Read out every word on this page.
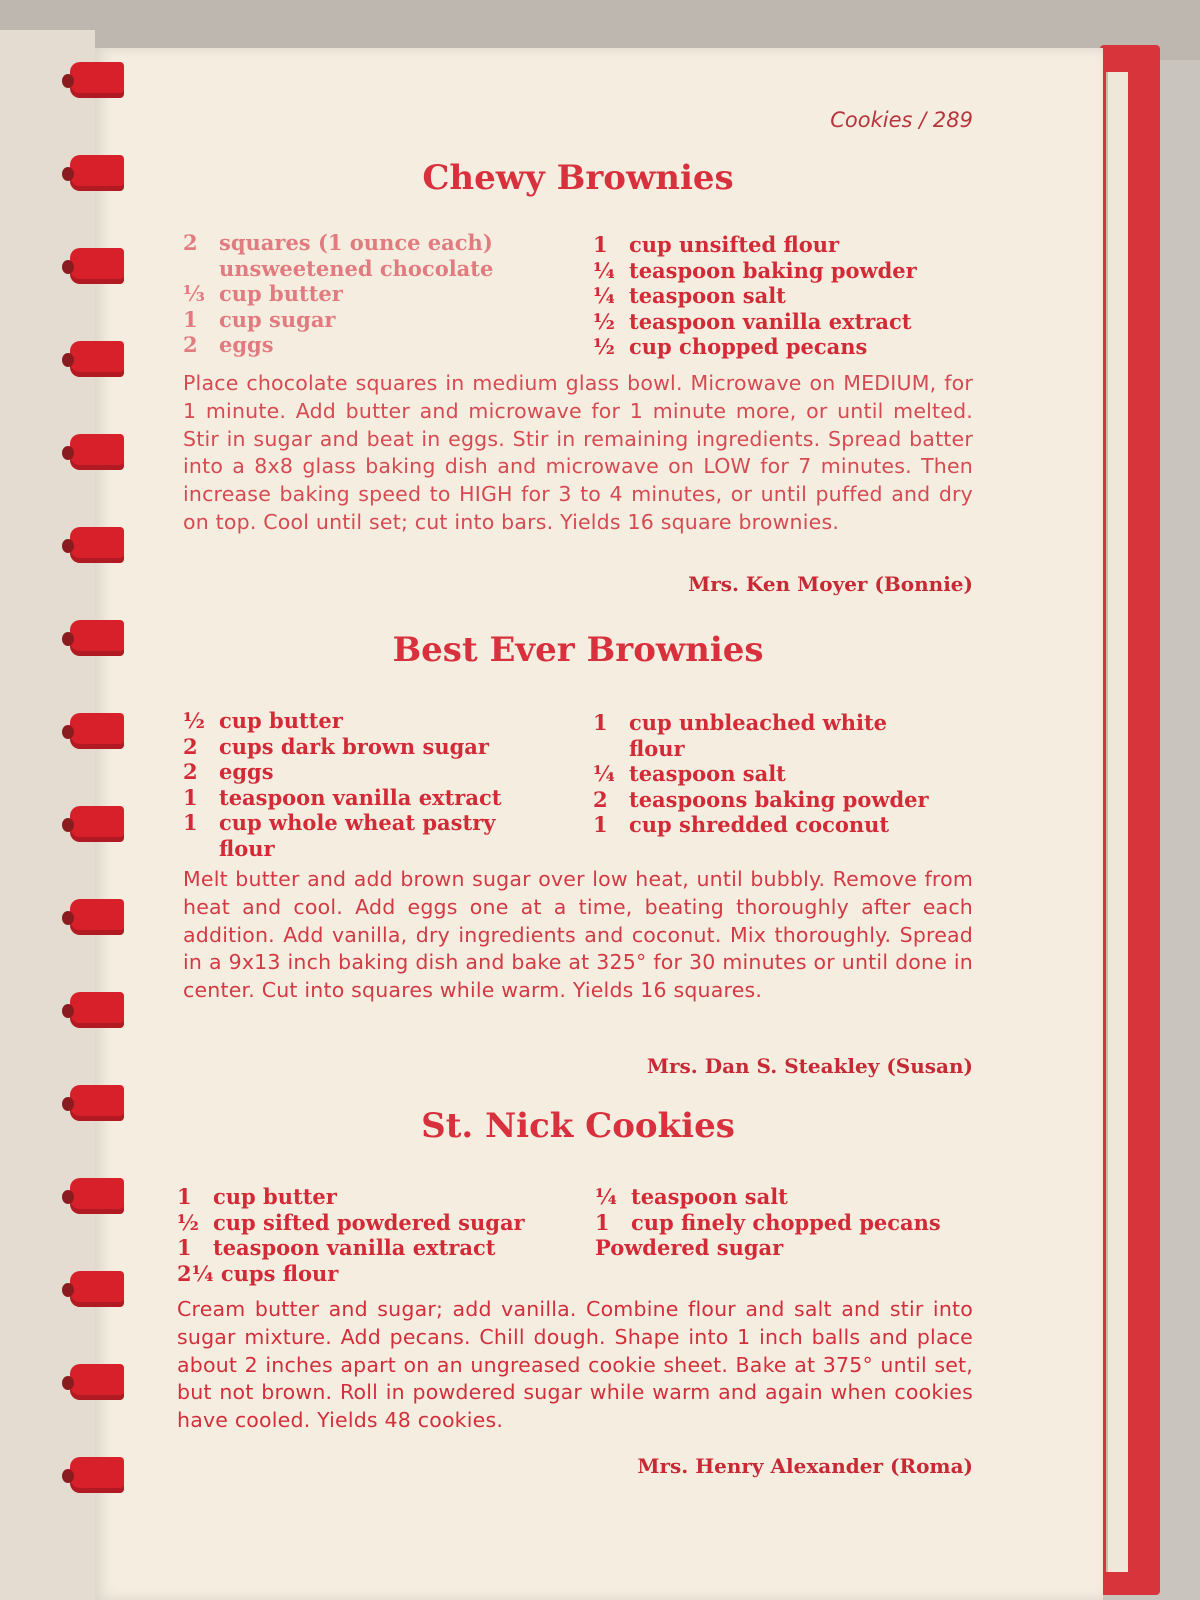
Cookies / 289
Chewy Brownies
2	squares (1 ounce each)
unsweetened chocolate
⅓ cup butter
1	cup sugar
2	eggs
1	cup unsifted flour
¼ teaspoon baking powder
¼ teaspoon salt
½ teaspoon vanilla extract
½ cup chopped pecans
Place chocolate squares in medium glass bowl. Microwave on MEDIUM, for 1 minute. Add butter and microwave for 1 minute more, or until melted. Stir in sugar and beat in eggs. Stir in remaining ingredients. Spread batter into a 8x8 glass baking dish and microwave on LOW for 7 minutes. Then increase baking speed to HIGH for 3 to 4 minutes, or until puffed and dry on top. Cool until set; cut into bars. Yields 16 square brownies.
Mrs. Ken Moyer (Bonnie)
Best Ever Brownies
½ cup butter
2	cups dark brown sugar
2	eggs
1	teaspoon vanilla extract
1	cup whole wheat pastry flour
1	cup unbleached white flour
¼ teaspoon salt
2	teaspoons baking powder
1	cup shredded coconut
Melt butter and add brown sugar over low heat, until bubbly. Remove from heat and cool. Add eggs one at a time, beating thoroughly after each addition. Add vanilla, dry ingredients and coconut. Mix thoroughly. Spread in a 9x13 inch baking dish and bake at 325° for 30 minutes or until done in center. Cut into squares while warm. Yields 16 squares.
Mrs. Dan S. Steakley (Susan)
St. Nick Cookies
1	cup butter
½ cup sifted powdered sugar
1	teaspoon vanilla extract
2¼ cups flour
¼ teaspoon salt
1	cup finely chopped pecans
Powdered sugar
Cream butter and sugar; add vanilla. Combine flour and salt and stir into sugar mixture. Add pecans. Chill dough. Shape into 1 inch balls and place about 2 inches apart on an ungreased cookie sheet. Bake at 375° until set, but not brown. Roll in powdered sugar while warm and again when cookies have cooled. Yields 48 cookies.
Mrs. Henry Alexander (Roma)
